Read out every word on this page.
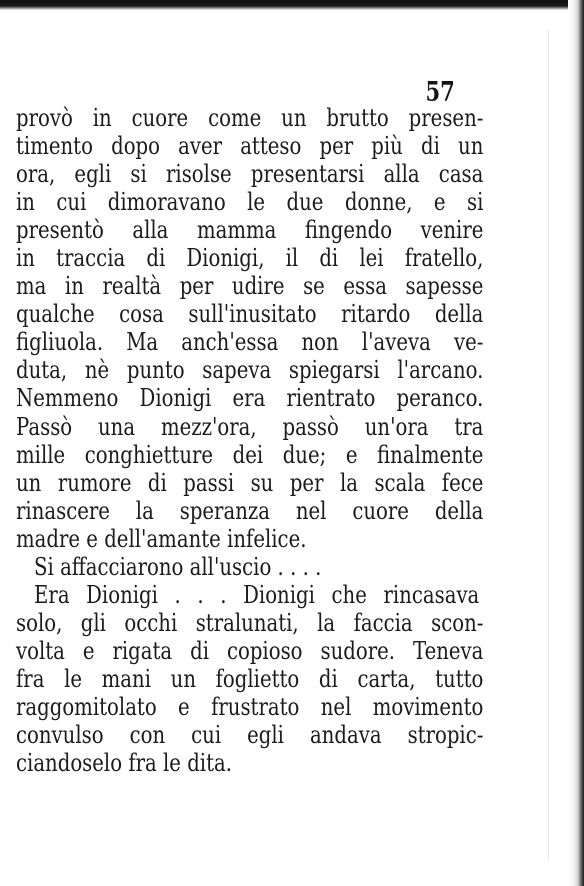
57
provò in cuore come un brutto presen-
timento dopo aver atteso per più di un
ora, egli si risolse presentarsi alla casa
in cui dimoravano le due donne, e si
presentò alla mamma fingendo venire
in traccia di Dionigi, il di lei fratello,
ma in realtà per udire se essa sapesse
qualche cosa sull'inusitato ritardo della
figliuola. Ma anch'essa non l'aveva ve-
duta, nè punto sapeva spiegarsi l'arcano.
Nemmeno Dionigi era rientrato peranco.
Passò una mezz'ora, passò un'ora tra
mille conghietture dei due; e finalmente
un rumore di passi su per la scala fece
rinascere la speranza nel cuore della
madre e dell'amante infelice.
Si affacciarono all'uscio . . . .
Era Dionigi . . . Dionigi che rincasava
solo, gli occhi stralunati, la faccia scon-
volta e rigata di copioso sudore. Teneva
fra le mani un foglietto di carta, tutto
raggomitolato e frustrato nel movimento
convulso con cui egli andava stropic-
ciandoselo fra le dita.
